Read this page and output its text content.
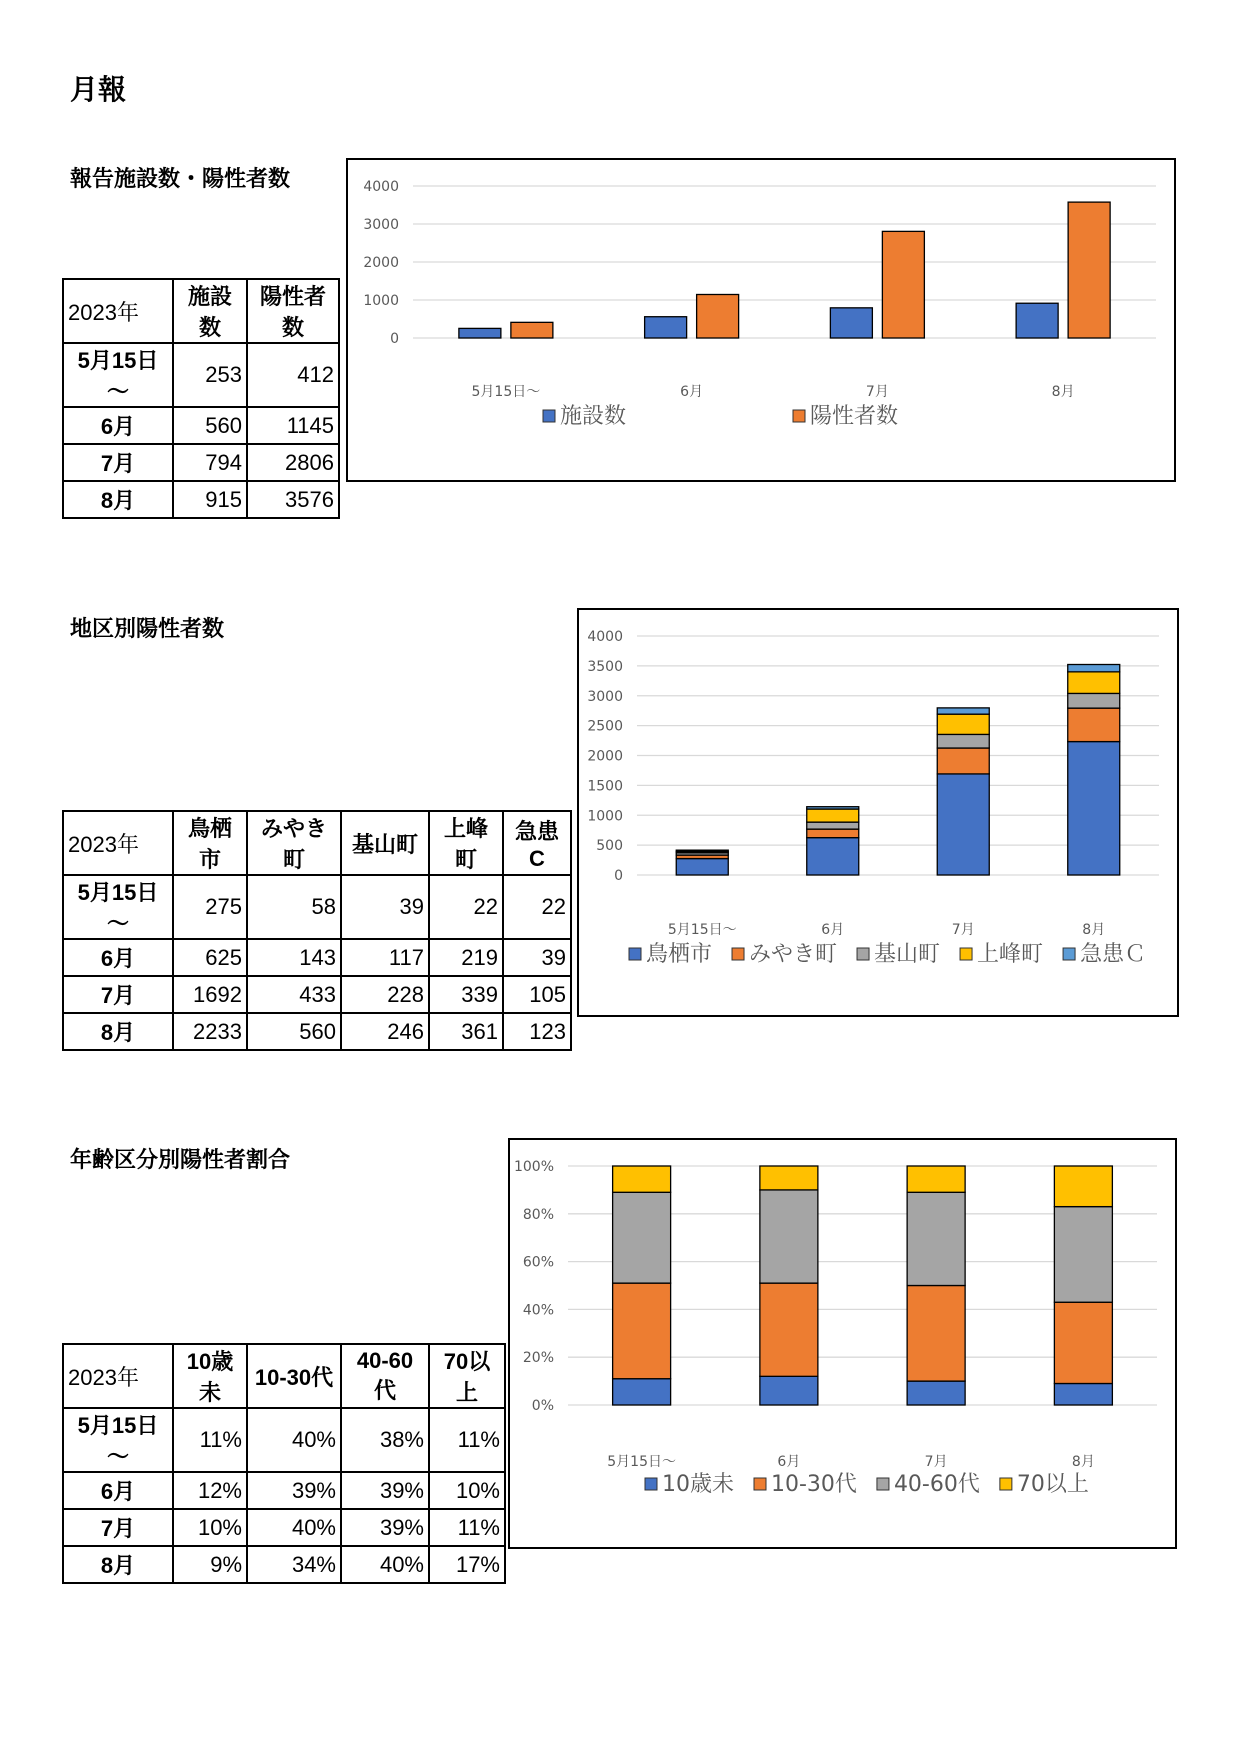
月報
報告施設数・陽性者数
2023年	施設数	陽性者数
5月15日～	253	412
6月	560	1145
7月	794	2806
8月	915	3576
0
1000
2000
3000
4000
5月15日～	6月	7月	8月
施設数	陽性者数
地区別陽性者数
2023年	鳥栖市	みやき町	基山町	上峰町	急患C
5月15日～	275	58	39	22	22
6月	625	143	117	219	39
7月	1692	433	228	339	105
8月	2233	560	246	361	123
0
500
1000
1500
2000
2500
3000
3500
4000
5月15日～	6月	7月	8月
鳥栖市 みやき町 基山町 上峰町 急患Ｃ
年齢区分別陽性者割合
2023年	10歳未	10-30代	40-60代	70以上
5月15日～	11%	40%	38%	11%
6月	12%	39%	39%	10%
7月	10%	40%	39%	11%
8月	9%	34%	40%	17%
0%
20%
40%
60%
80%
100%
5月15日～	6月	7月	8月
10歳未 10-30代 40-60代 70以上
